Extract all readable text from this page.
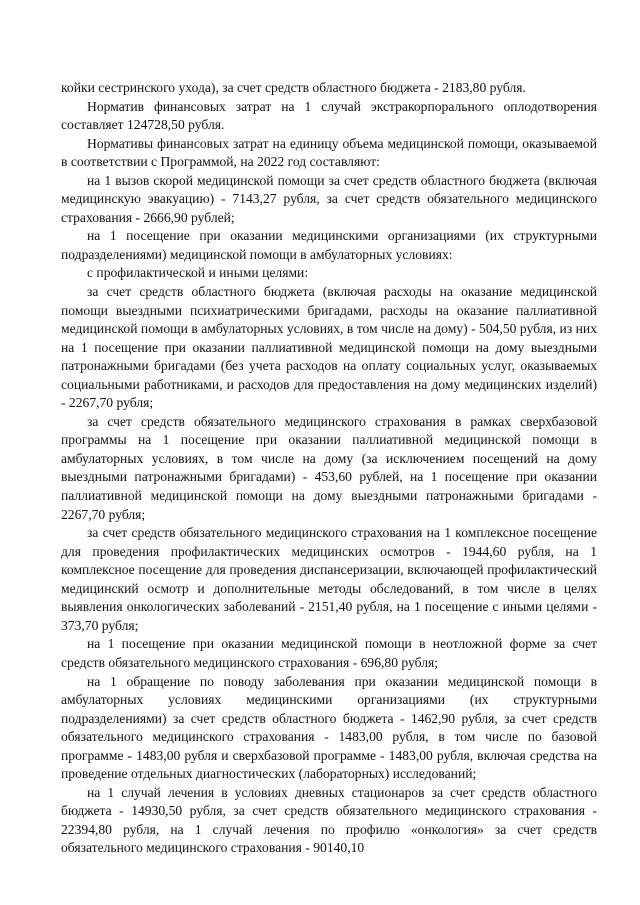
койки сестринского ухода), за счет средств областного бюджета - 2183,80 рубля.

Норматив финансовых затрат на 1 случай экстракорпорального оплодотворения составляет 124728,50 рубля.

Нормативы финансовых затрат на единицу объема медицинской помощи, оказываемой в соответствии с Программой, на 2022 год составляют:

на 1 вызов скорой медицинской помощи за счет средств областного бюджета (включая медицинскую эвакуацию) - 7143,27 рубля, за счет средств обязательного медицинского страхования - 2666,90 рублей;

на 1 посещение при оказании медицинскими организациями (их структурными подразделениями) медицинской помощи в амбулаторных условиях:

с профилактической и иными целями:

за счет средств областного бюджета (включая расходы на оказание медицинской помощи выездными психиатрическими бригадами, расходы на оказание паллиативной медицинской помощи в амбулаторных условиях, в том числе на дому) - 504,50 рубля, из них на 1 посещение при оказании паллиативной медицинской помощи на дому выездными патронажными бригадами (без учета расходов на оплату социальных услуг, оказываемых социальными работниками, и расходов для предоставления на дому медицинских изделий) - 2267,70 рубля;

за счет средств обязательного медицинского страхования в рамках сверхбазовой программы на 1 посещение при оказании паллиативной медицинской помощи в амбулаторных условиях, в том числе на дому (за исключением посещений на дому выездными патронажными бригадами) - 453,60 рублей, на 1 посещение при оказании паллиативной медицинской помощи на дому выездными патронажными бригадами - 2267,70 рубля;

за счет средств обязательного медицинского страхования на 1 комплексное посещение для проведения профилактических медицинских осмотров - 1944,60 рубля, на 1 комплексное посещение для проведения диспансеризации, включающей профилактический медицинский осмотр и дополнительные методы обследований, в том числе в целях выявления онкологических заболеваний - 2151,40 рубля, на 1 посещение с иными целями - 373,70 рубля;

на 1 посещение при оказании медицинской помощи в неотложной форме за счет средств обязательного медицинского страхования - 696,80 рубля;

на 1 обращение по поводу заболевания при оказании медицинской помощи в амбулаторных условиях медицинскими организациями (их структурными подразделениями) за счет средств областного бюджета - 1462,90 рубля, за счет средств обязательного медицинского страхования - 1483,00 рубля, в том числе по базовой программе - 1483,00 рубля и сверхбазовой программе - 1483,00 рубля, включая средства на проведение отдельных диагностических (лабораторных) исследований;

на 1 случай лечения в условиях дневных стационаров за счет средств областного бюджета - 14930,50 рубля, за счет средств обязательного медицинского страхования - 22394,80 рубля, на 1 случай лечения по профилю «онкология» за счет средств обязательного медицинского страхования - 90140,10
